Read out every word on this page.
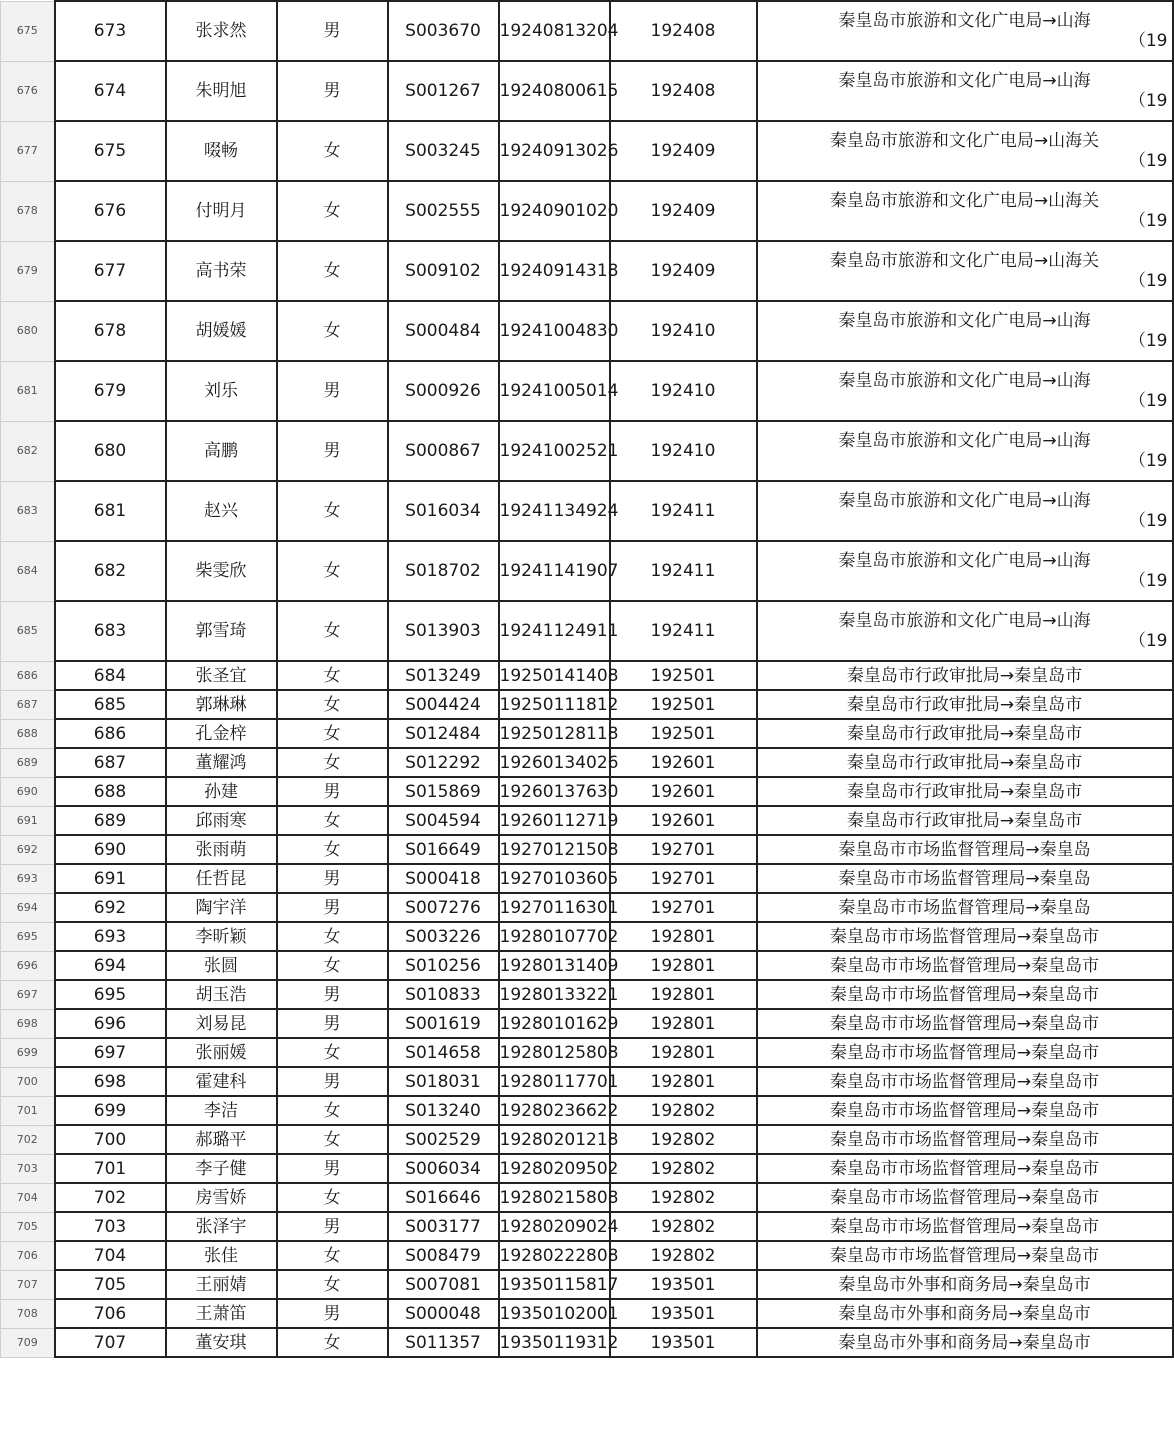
675	673	张求然	男	S003670	19240813204	192408	秦皇岛市旅游和文化广电局→山海
（19

676	674	朱明旭	男	S001267	19240800615	192408	秦皇岛市旅游和文化广电局→山海
（19

677	675	啜畅	女	S003245	19240913026	192409	秦皇岛市旅游和文化广电局→山海关
（19

678	676	付明月	女	S002555	19240901020	192409	秦皇岛市旅游和文化广电局→山海关
（19

679	677	高书荣	女	S009102	19240914318	192409	秦皇岛市旅游和文化广电局→山海关
（19

680	678	胡媛媛	女	S000484	19241004830	192410	秦皇岛市旅游和文化广电局→山海
（19

681	679	刘乐	男	S000926	19241005014	192410	秦皇岛市旅游和文化广电局→山海
（19

682	680	高鹏	男	S000867	19241002521	192410	秦皇岛市旅游和文化广电局→山海
（19

683	681	赵兴	女	S016034	19241134924	192411	秦皇岛市旅游和文化广电局→山海
（19

684	682	柴雯欣	女	S018702	19241141907	192411	秦皇岛市旅游和文化广电局→山海
（19

685	683	郭雪琦	女	S013903	19241124911	192411	秦皇岛市旅游和文化广电局→山海
（19

686	684	张圣宜	女	S013249	19250141408	192501	秦皇岛市行政审批局→秦皇岛市

687	685	郭琳琳	女	S004424	19250111812	192501	秦皇岛市行政审批局→秦皇岛市

688	686	孔金梓	女	S012484	19250128118	192501	秦皇岛市行政审批局→秦皇岛市

689	687	董耀鸿	女	S012292	19260134026	192601	秦皇岛市行政审批局→秦皇岛市

690	688	孙建	男	S015869	19260137630	192601	秦皇岛市行政审批局→秦皇岛市

691	689	邱雨寒	女	S004594	19260112719	192601	秦皇岛市行政审批局→秦皇岛市

692	690	张雨萌	女	S016649	19270121508	192701	秦皇岛市市场监督管理局→秦皇岛

693	691	任哲昆	男	S000418	19270103605	192701	秦皇岛市市场监督管理局→秦皇岛

694	692	陶宇洋	男	S007276	19270116301	192701	秦皇岛市市场监督管理局→秦皇岛

695	693	李昕颖	女	S003226	19280107702	192801	秦皇岛市市场监督管理局→秦皇岛市

696	694	张圆	女	S010256	19280131409	192801	秦皇岛市市场监督管理局→秦皇岛市

697	695	胡玉浩	男	S010833	19280133221	192801	秦皇岛市市场监督管理局→秦皇岛市

698	696	刘易昆	男	S001619	19280101629	192801	秦皇岛市市场监督管理局→秦皇岛市

699	697	张丽媛	女	S014658	19280125808	192801	秦皇岛市市场监督管理局→秦皇岛市

700	698	霍建科	男	S018031	19280117701	192801	秦皇岛市市场监督管理局→秦皇岛市

701	699	李洁	女	S013240	19280236622	192802	秦皇岛市市场监督管理局→秦皇岛市

702	700	郝璐平	女	S002529	19280201218	192802	秦皇岛市市场监督管理局→秦皇岛市

703	701	李子健	男	S006034	19280209502	192802	秦皇岛市市场监督管理局→秦皇岛市

704	702	房雪娇	女	S016646	19280215808	192802	秦皇岛市市场监督管理局→秦皇岛市

705	703	张泽宇	男	S003177	19280209024	192802	秦皇岛市市场监督管理局→秦皇岛市

706	704	张佳	女	S008479	19280222808	192802	秦皇岛市市场监督管理局→秦皇岛市

707	705	王丽婧	女	S007081	19350115817	193501	秦皇岛市外事和商务局→秦皇岛市

708	706	王萧笛	男	S000048	19350102001	193501	秦皇岛市外事和商务局→秦皇岛市

709	707	董安琪	女	S011357	19350119312	193501	秦皇岛市外事和商务局→秦皇岛市
